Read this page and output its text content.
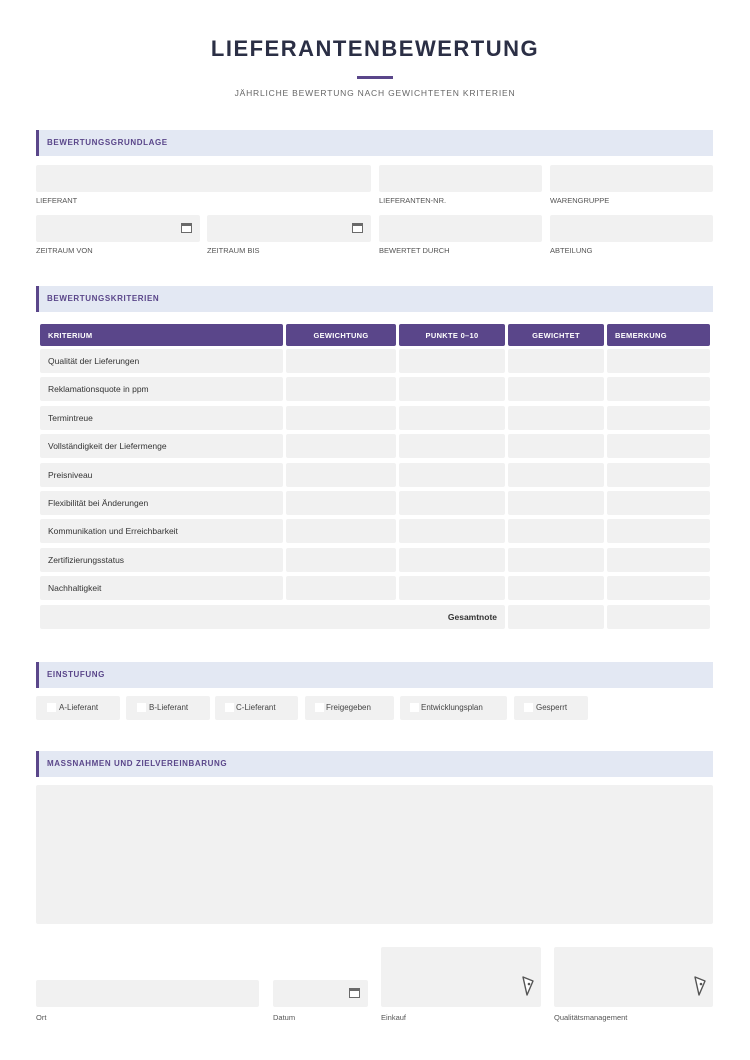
LIEFERANTENBEWERTUNG
JÄHRLICHE BEWERTUNG NACH GEWICHTETEN KRITERIEN
BEWERTUNGSGRUNDLAGE
LIEFERANT	LIEFERANTEN-NR.	WARENGRUPPE
ZEITRAUM VON	ZEITRAUM BIS	BEWERTET DURCH	ABTEILUNG
BEWERTUNGSKRITERIEN
KRITERIUM	GEWICHTUNG	PUNKTE 0–10	GEWICHTET	BEMERKUNG
Qualität der Lieferungen
Reklamationsquote in ppm
Termintreue
Vollständigkeit der Liefermenge
Preisniveau
Flexibilität bei Änderungen
Kommunikation und Erreichbarkeit
Zertifizierungsstatus
Nachhaltigkeit
Gesamtnote
EINSTUFUNG
A-Lieferant	B-Lieferant	C-Lieferant	Freigegeben	Entwicklungsplan	Gesperrt
MASSNAHMEN UND ZIELVEREINBARUNG
Ort	Datum	Einkauf	Qualitätsmanagement
